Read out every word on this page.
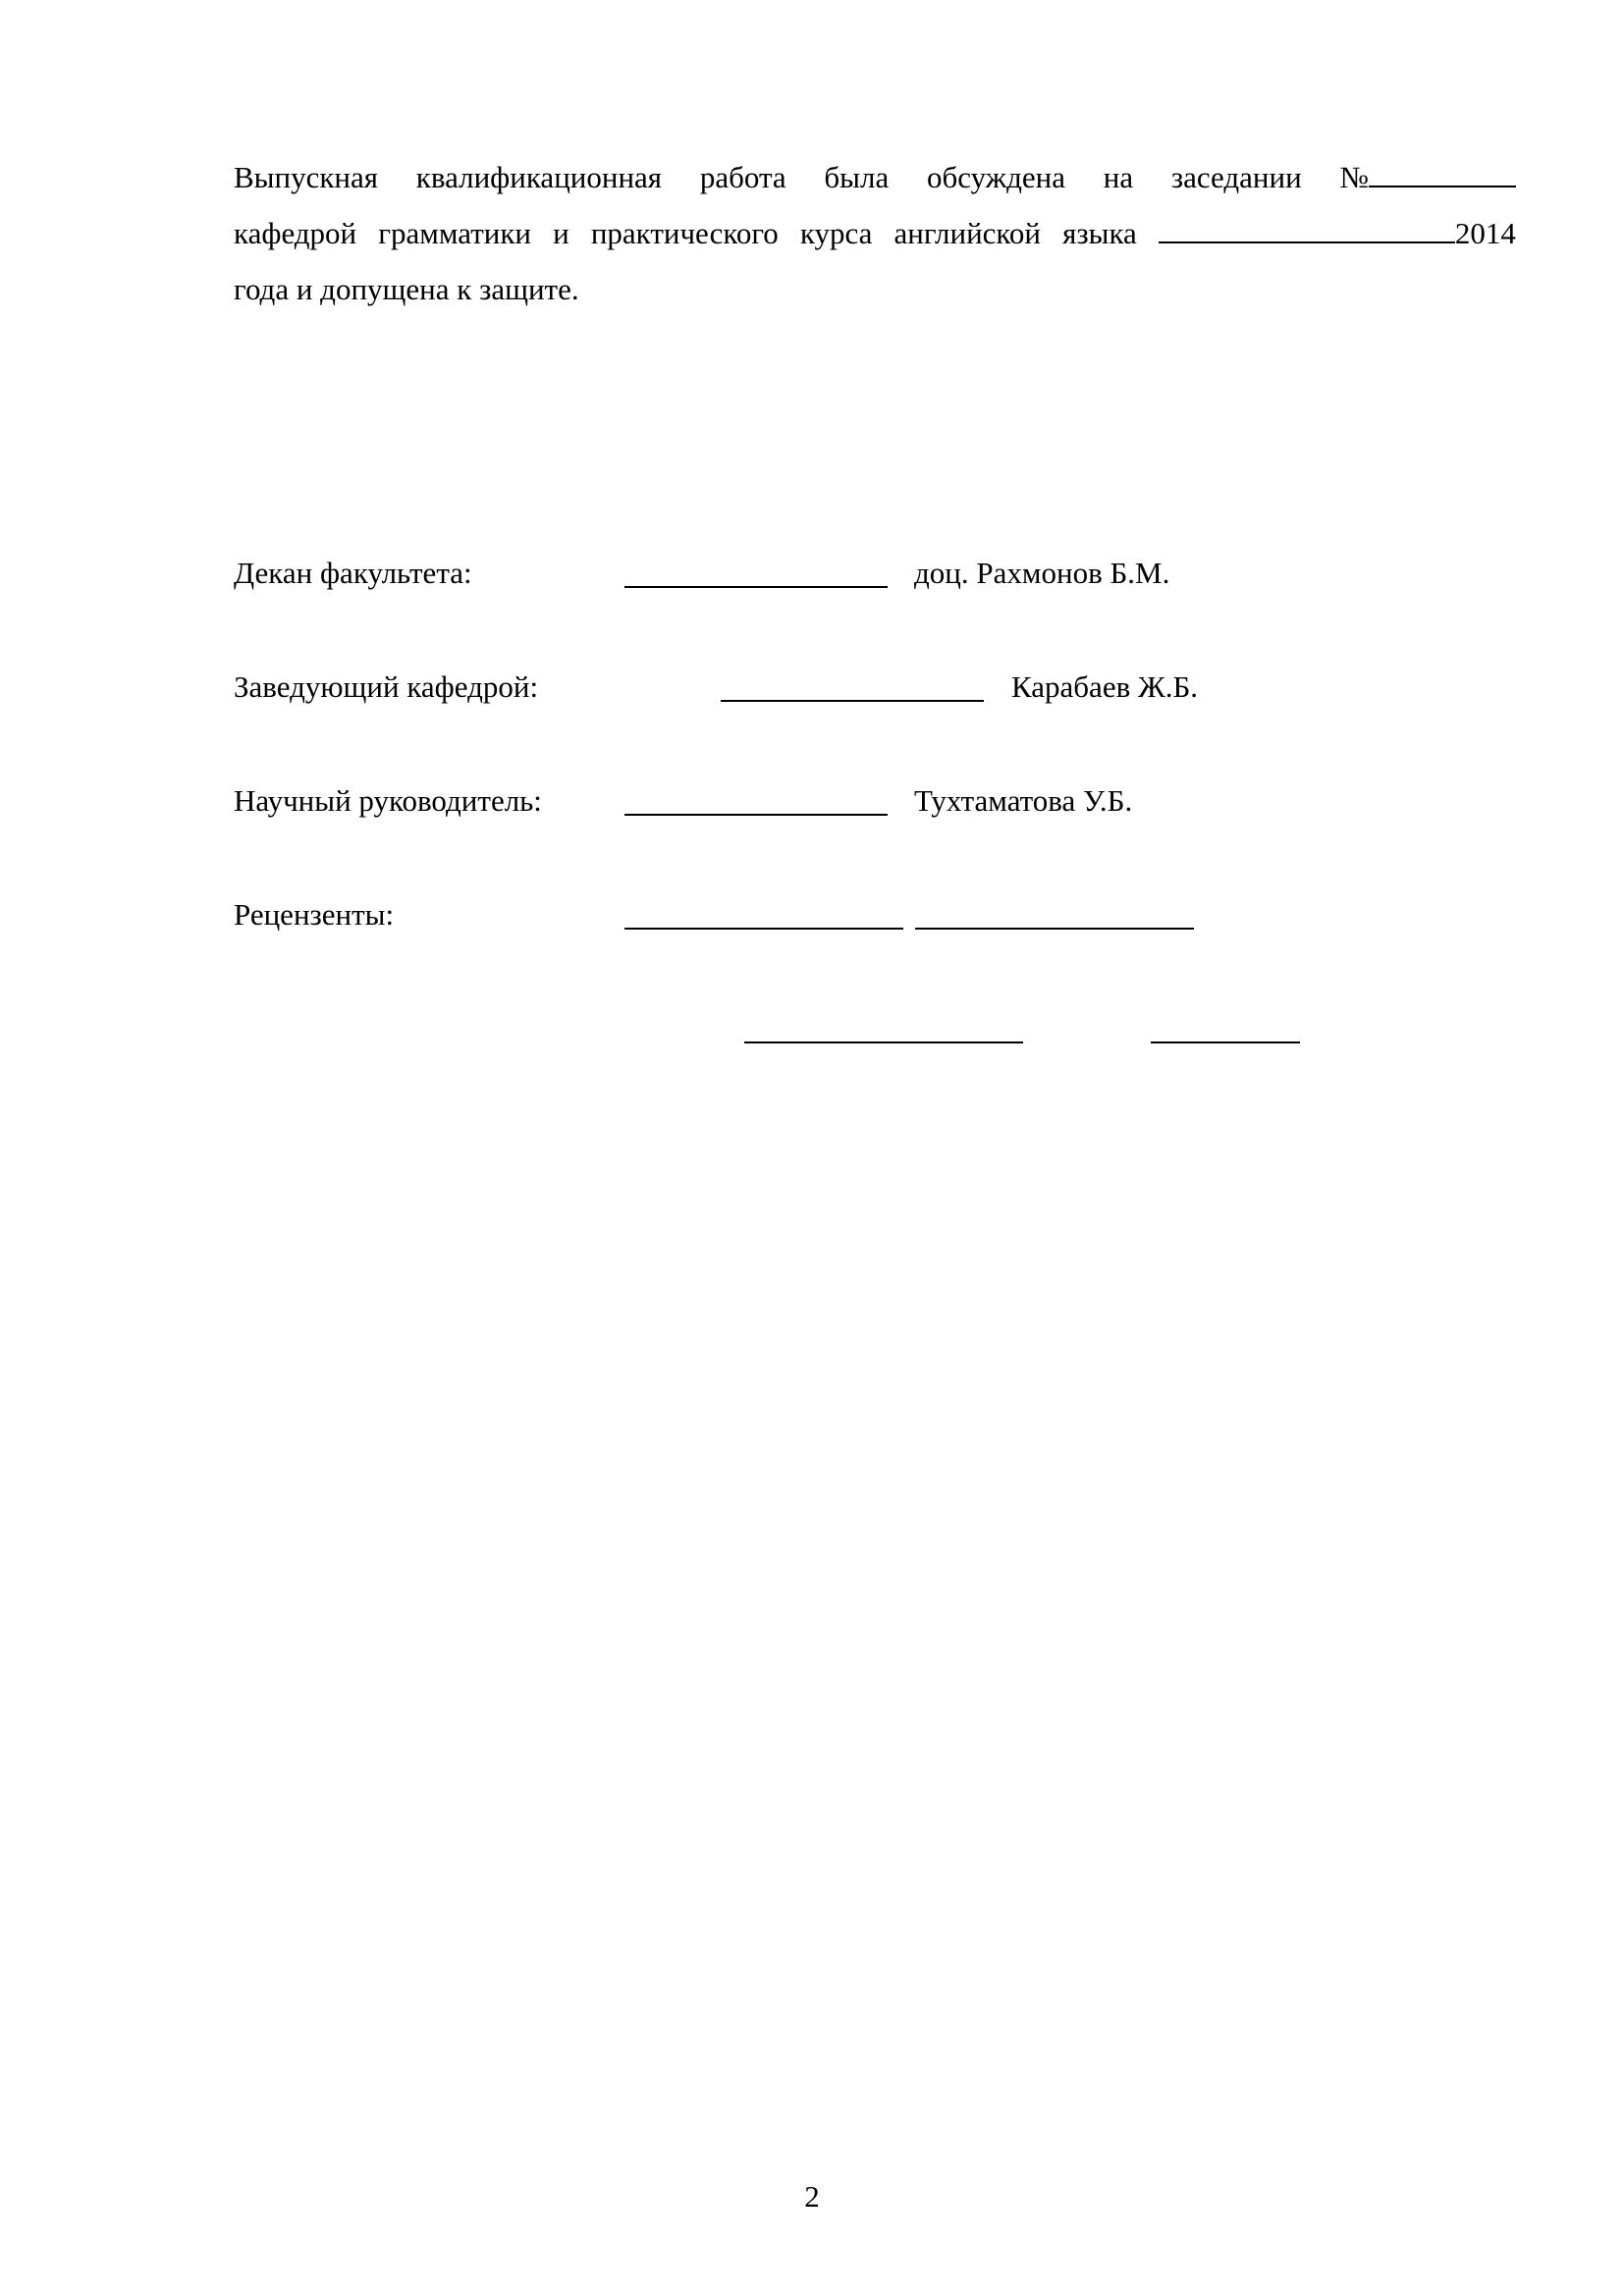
Выпускная квалификационная работа была обсуждена на заседании №
кафедрой грамматики и практического курса английской языка	2014
года и допущена к защите.
Декан факультета:	доц. Рахмонов Б.М.
Заведующий кафедрой:	Карабаев Ж.Б.
Научный руководитель:	Тухтаматова У.Б.
Рецензенты:
2
